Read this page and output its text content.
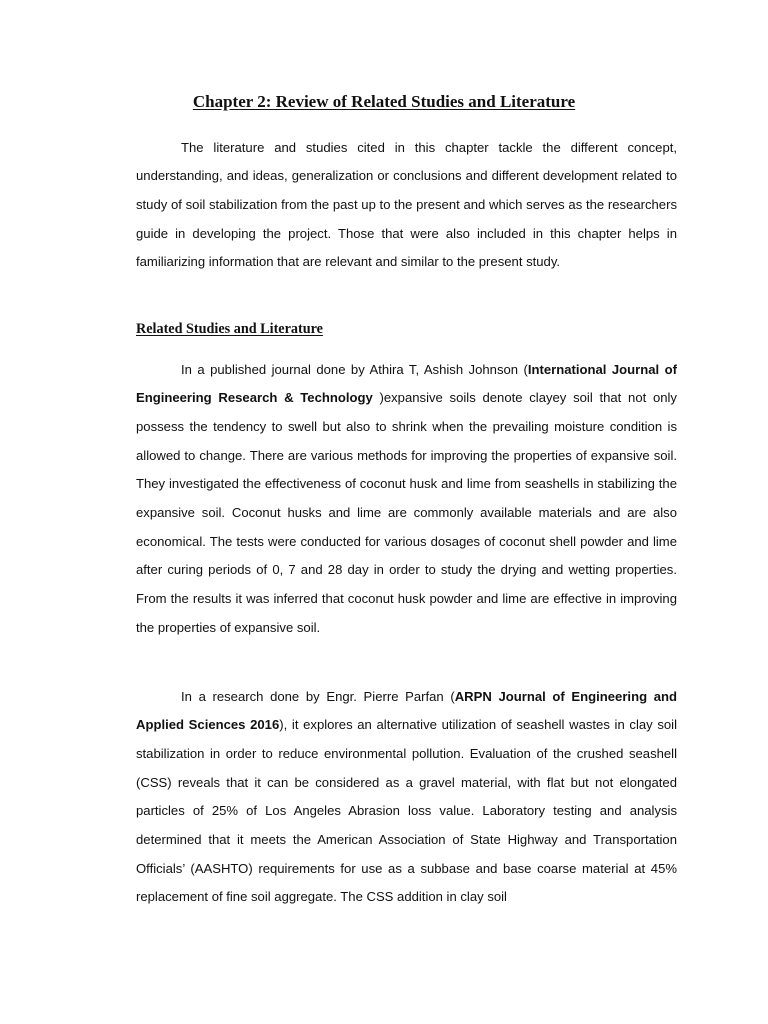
Chapter 2: Review of Related Studies and Literature

The literature and studies cited in this chapter tackle the different concept, understanding, and ideas, generalization or conclusions and different development related to study of soil stabilization from the past up to the present and which serves as the researchers guide in developing the project. Those that were also included in this chapter helps in familiarizing information that are relevant and similar to the present study.

Related Studies and Literature

In a published journal done by Athira T, Ashish Johnson (International Journal of Engineering Research & Technology )expansive soils denote clayey soil that not only possess the tendency to swell but also to shrink when the prevailing moisture condition is allowed to change. There are various methods for improving the properties of expansive soil. They investigated the effectiveness of coconut husk and lime from seashells in stabilizing the expansive soil. Coconut husks and lime are commonly available materials and are also economical. The tests were conducted for various dosages of coconut shell powder and lime after curing periods of 0, 7 and 28 day in order to study the drying and wetting properties. From the results it was inferred that coconut husk powder and lime are effective in improving the properties of expansive soil.

In a research done by Engr. Pierre Parfan (ARPN Journal of Engineering and Applied Sciences 2016), it explores an alternative utilization of seashell wastes in clay soil stabilization in order to reduce environmental pollution. Evaluation of the crushed seashell (CSS) reveals that it can be considered as a gravel material, with flat but not elongated particles of 25% of Los Angeles Abrasion loss value. Laboratory testing and analysis determined that it meets the American Association of State Highway and Transportation Officials’ (AASHTO) requirements for use as a subbase and base coarse material at 45% replacement of fine soil aggregate. The CSS addition in clay soil
